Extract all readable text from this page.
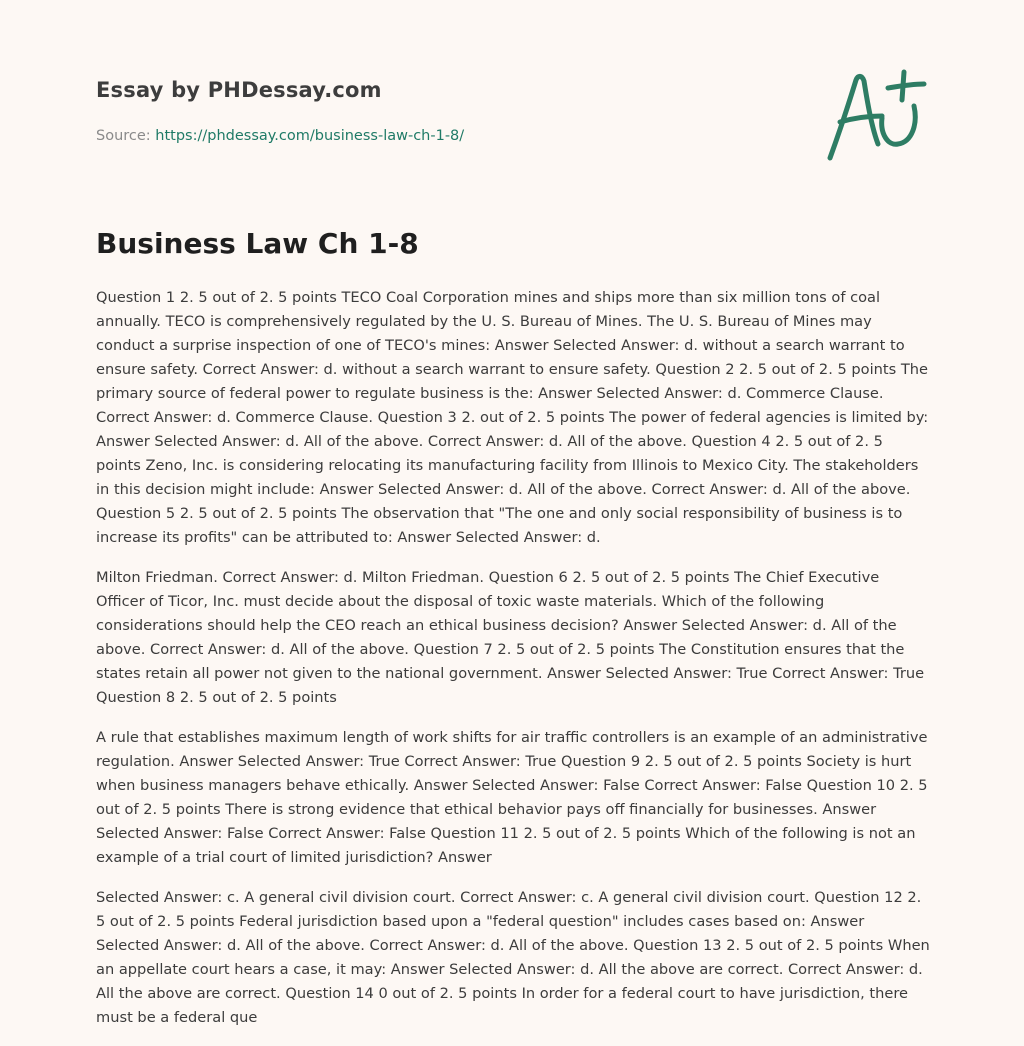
Essay by PHDessay.com
Source: https://phdessay.com/business-law-ch-1-8/
Business Law Ch 1-8

Question 1 2. 5 out of 2. 5 points TECO Coal Corporation mines and ships more than six million tons of coal annually. TECO is comprehensively regulated by the U. S. Bureau of Mines. The U. S. Bureau of Mines may conduct a surprise inspection of one of TECO's mines: Answer Selected Answer: d. without a search warrant to ensure safety. Correct Answer: d. without a search warrant to ensure safety. Question 2 2. 5 out of 2. 5 points The primary source of federal power to regulate business is the: Answer Selected Answer: d. Commerce Clause. Correct Answer: d. Commerce Clause. Question 3 2. out of 2. 5 points The power of federal agencies is limited by: Answer Selected Answer: d. All of the above. Correct Answer: d. All of the above. Question 4 2. 5 out of 2. 5 points Zeno, Inc. is considering relocating its manufacturing facility from Illinois to Mexico City. The stakeholders in this decision might include: Answer Selected Answer: d. All of the above. Correct Answer: d. All of the above. Question 5 2. 5 out of 2. 5 points The observation that "The one and only social responsibility of business is to increase its profits" can be attributed to: Answer Selected Answer: d.

Milton Friedman. Correct Answer: d. Milton Friedman. Question 6 2. 5 out of 2. 5 points The Chief Executive Officer of Ticor, Inc. must decide about the disposal of toxic waste materials. Which of the following considerations should help the CEO reach an ethical business decision? Answer Selected Answer: d. All of the above. Correct Answer: d. All of the above. Question 7 2. 5 out of 2. 5 points The Constitution ensures that the states retain all power not given to the national government. Answer Selected Answer: True Correct Answer: True Question 8 2. 5 out of 2. 5 points

A rule that establishes maximum length of work shifts for air traffic controllers is an example of an administrative regulation. Answer Selected Answer: True Correct Answer: True Question 9 2. 5 out of 2. 5 points Society is hurt when business managers behave ethically. Answer Selected Answer: False Correct Answer: False Question 10 2. 5 out of 2. 5 points There is strong evidence that ethical behavior pays off financially for businesses. Answer Selected Answer: False Correct Answer: False Question 11 2. 5 out of 2. 5 points Which of the following is not an example of a trial court of limited jurisdiction? Answer

Selected Answer: c. A general civil division court. Correct Answer: c. A general civil division court. Question 12 2. 5 out of 2. 5 points Federal jurisdiction based upon a "federal question" includes cases based on: Answer Selected Answer: d. All of the above. Correct Answer: d. All of the above. Question 13 2. 5 out of 2. 5 points When an appellate court hears a case, it may: Answer Selected Answer: d. All the above are correct. Correct Answer: d. All the above are correct. Question 14 0 out of 2. 5 points In order for a federal court to have jurisdiction, there must be a federal que
